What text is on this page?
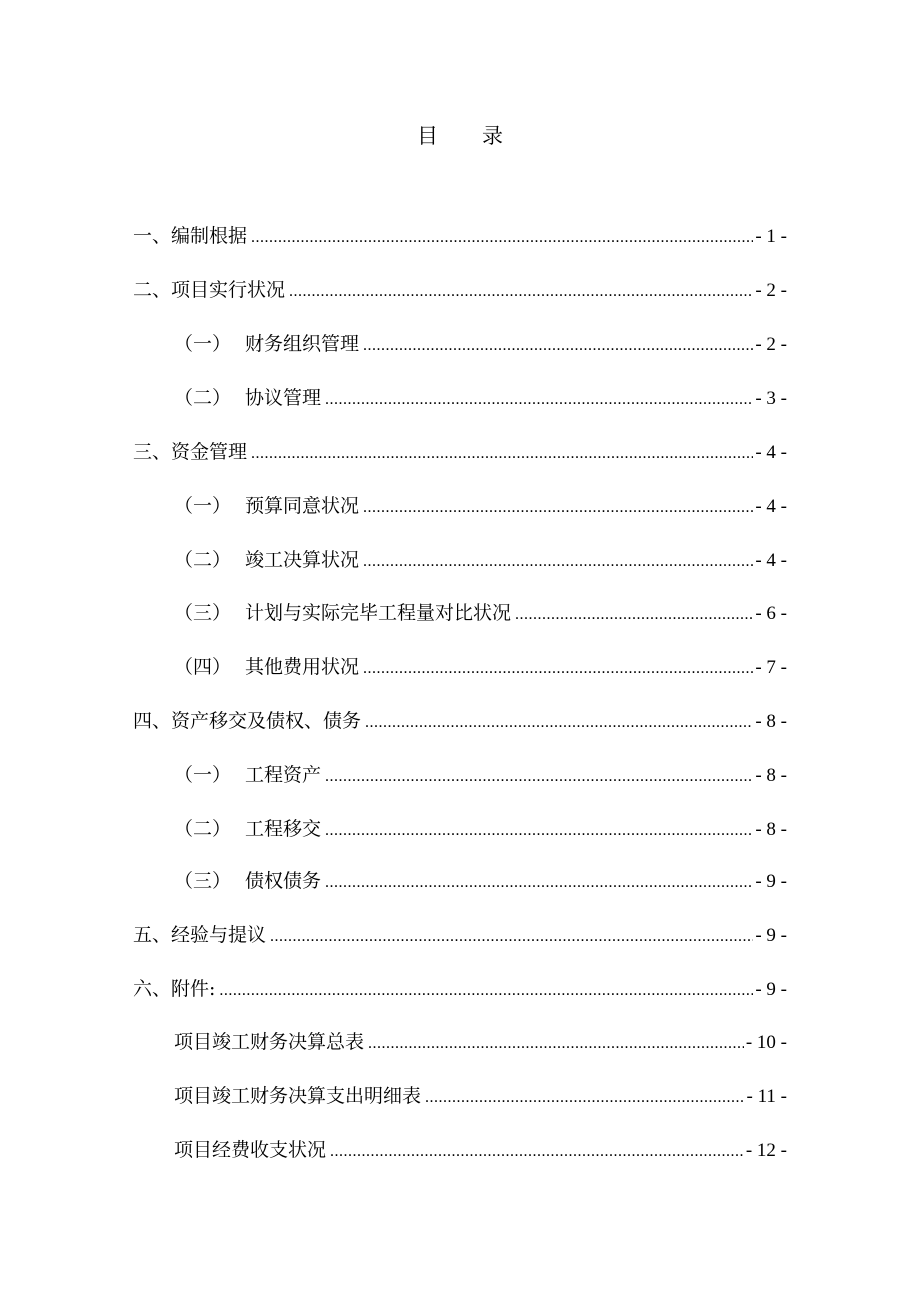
目 录
一、编制根据 .....	- 1 -
二、项目实行状况 .....	- 2 -
（一） 财务组织管理 .....	- 2 -
（二） 协议管理 .....	- 3 -
三、资金管理 .....	- 4 -
（一） 预算同意状况 .....	- 4 -
（二） 竣工决算状况 .....	- 4 -
（三） 计划与实际完毕工程量对比状况 .....	- 6 -
（四） 其他费用状况 .....	- 7 -
四、资产移交及债权、债务 .....	- 8 -
（一） 工程资产 .....	- 8 -
（二） 工程移交 .....	- 8 -
（三） 债权债务 .....	- 9 -
五、经验与提议 .....	- 9 -
六、附件: .....	- 9 -
项目竣工财务决算总表 .....	- 10 -
项目竣工财务决算支出明细表 .....	- 11 -
项目经费收支状况 .....	- 12 -
